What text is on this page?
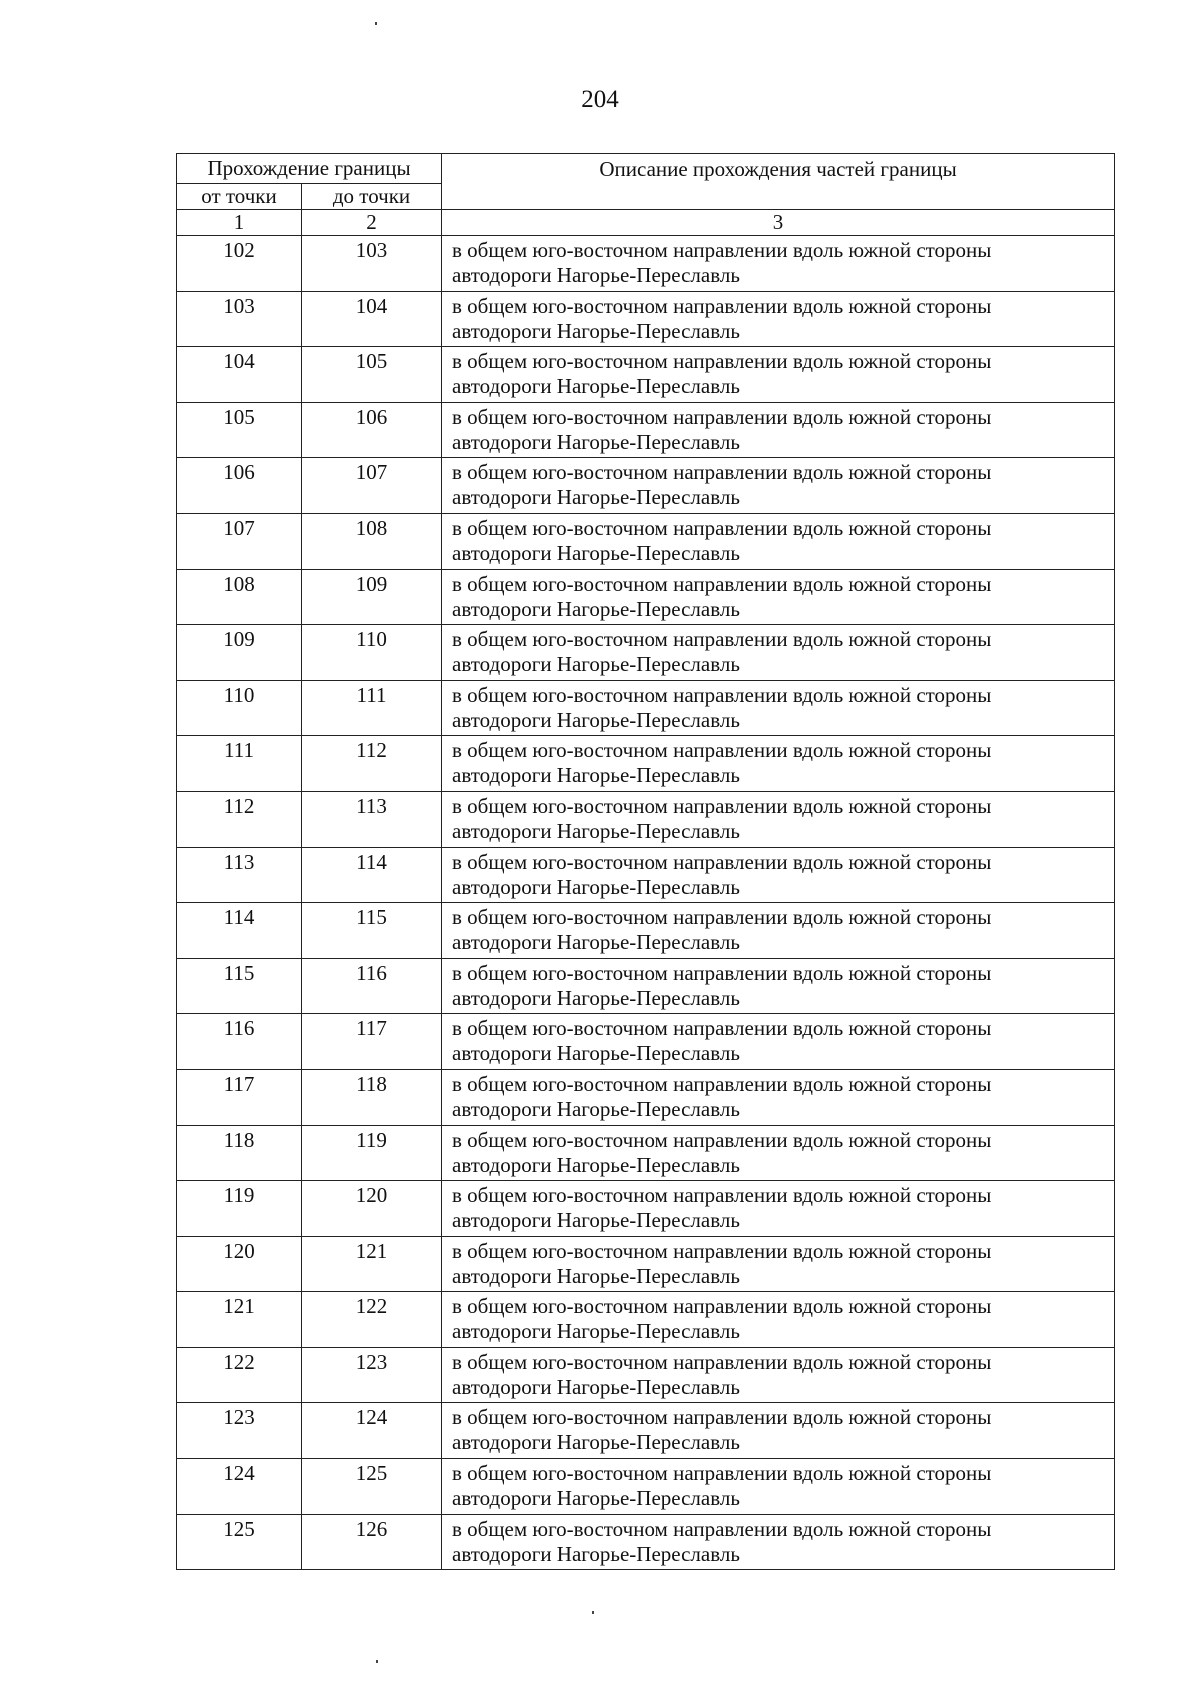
204
Прохождение границы		Описание прохождения частей границы
от точки	до точки	
1	2	3
102	103	в общем юго-восточном направлении вдоль южной стороны
автодороги Нагорье-Переславль

103	104	в общем юго-восточном направлении вдоль южной стороны
автодороги Нагорье-Переславль

104	105	в общем юго-восточном направлении вдоль южной стороны
автодороги Нагорье-Переславль

105	106	в общем юго-восточном направлении вдоль южной стороны
автодороги Нагорье-Переславль

106	107	в общем юго-восточном направлении вдоль южной стороны
автодороги Нагорье-Переславль

107	108	в общем юго-восточном направлении вдоль южной стороны
автодороги Нагорье-Переславль

108	109	в общем юго-восточном направлении вдоль южной стороны
автодороги Нагорье-Переславль

109	110	в общем юго-восточном направлении вдоль южной стороны
автодороги Нагорье-Переславль

110	111	в общем юго-восточном направлении вдоль южной стороны
автодороги Нагорье-Переславль

111	112	в общем юго-восточном направлении вдоль южной стороны
автодороги Нагорье-Переславль

112	113	в общем юго-восточном направлении вдоль южной стороны
автодороги Нагорье-Переславль

113	114	в общем юго-восточном направлении вдоль южной стороны
автодороги Нагорье-Переславль

114	115	в общем юго-восточном направлении вдоль южной стороны
автодороги Нагорье-Переславль

115	116	в общем юго-восточном направлении вдоль южной стороны
автодороги Нагорье-Переславль

116	117	в общем юго-восточном направлении вдоль южной стороны
автодороги Нагорье-Переславль

117	118	в общем юго-восточном направлении вдоль южной стороны
автодороги Нагорье-Переславль

118	119	в общем юго-восточном направлении вдоль южной стороны
автодороги Нагорье-Переславль

119	120	в общем юго-восточном направлении вдоль южной стороны
автодороги Нагорье-Переславль

120	121	в общем юго-восточном направлении вдоль южной стороны
автодороги Нагорье-Переславль

121	122	в общем юго-восточном направлении вдоль южной стороны
автодороги Нагорье-Переславль

122	123	в общем юго-восточном направлении вдоль южной стороны
автодороги Нагорье-Переславль

123	124	в общем юго-восточном направлении вдоль южной стороны
автодороги Нагорье-Переславль

124	125	в общем юго-восточном направлении вдоль южной стороны
автодороги Нагорье-Переславль

125	126	в общем юго-восточном направлении вдоль южной стороны
автодороги Нагорье-Переславль
